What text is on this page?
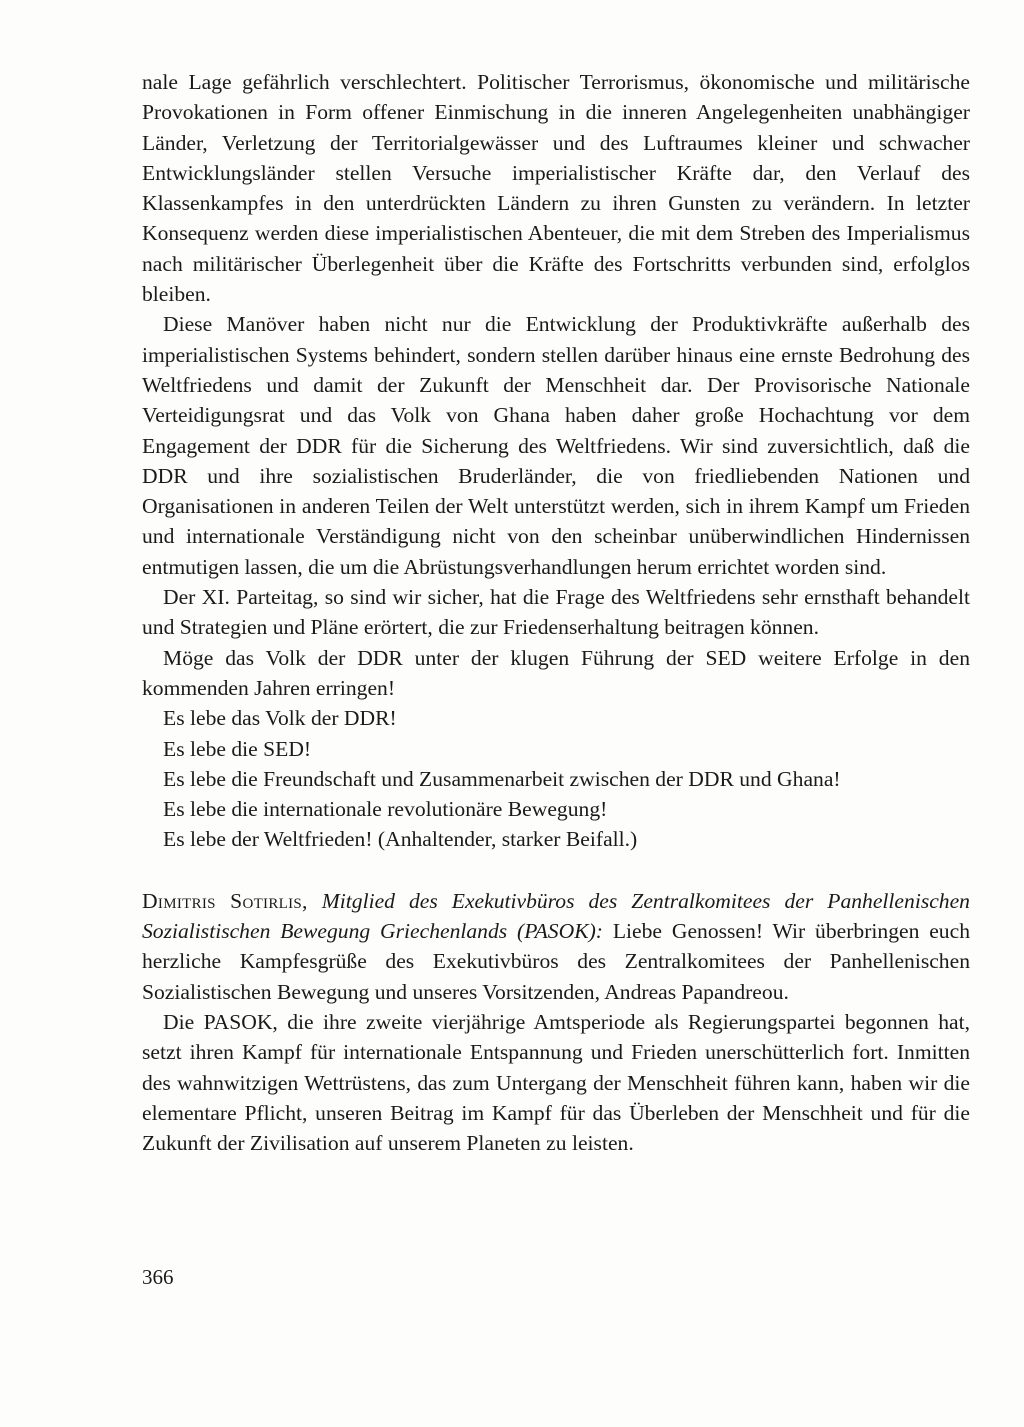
nale Lage gefährlich verschlechtert. Politischer Terrorismus, ökonomische und militärische Provokationen in Form offener Einmischung in die inneren Angelegenheiten unabhängiger Länder, Verletzung der Territorialgewässer und des Luftraumes kleiner und schwacher Entwicklungsländer stellen Versuche imperialistischer Kräfte dar, den Verlauf des Klassenkampfes in den unterdrückten Ländern zu ihren Gunsten zu verändern. In letzter Konsequenz werden diese imperialistischen Abenteuer, die mit dem Streben des Imperialismus nach militärischer Überlegenheit über die Kräfte des Fortschritts verbunden sind, erfolglos bleiben.

Diese Manöver haben nicht nur die Entwicklung der Produktivkräfte außerhalb des imperialistischen Systems behindert, sondern stellen darüber hinaus eine ernste Bedrohung des Weltfriedens und damit der Zukunft der Menschheit dar. Der Provisorische Nationale Verteidigungsrat und das Volk von Ghana haben daher große Hochachtung vor dem Engagement der DDR für die Sicherung des Weltfriedens. Wir sind zuversichtlich, daß die DDR und ihre sozialistischen Bruderländer, die von friedliebenden Nationen und Organisationen in anderen Teilen der Welt unterstützt werden, sich in ihrem Kampf um Frieden und internationale Verständigung nicht von den scheinbar unüberwindlichen Hindernissen entmutigen lassen, die um die Abrüstungsverhandlungen herum errichtet worden sind.

Der XI. Parteitag, so sind wir sicher, hat die Frage des Weltfriedens sehr ernsthaft behandelt und Strategien und Pläne erörtert, die zur Friedenserhaltung beitragen können.

Möge das Volk der DDR unter der klugen Führung der SED weitere Erfolge in den kommenden Jahren erringen!

Es lebe das Volk der DDR!

Es lebe die SED!

Es lebe die Freundschaft und Zusammenarbeit zwischen der DDR und Ghana!

Es lebe die internationale revolutionäre Bewegung!

Es lebe der Weltfrieden! (Anhaltender, starker Beifall.)

Dimitris Sotirlis, Mitglied des Exekutivbüros des Zentralkomitees der Panhellenischen Sozialistischen Bewegung Griechenlands (PASOK): Liebe Genossen! Wir überbringen euch herzliche Kampfesgrüße des Exekutivbüros des Zentralkomitees der Panhellenischen Sozialistischen Bewegung und unseres Vorsitzenden, Andreas Papandreou.

Die PASOK, die ihre zweite vierjährige Amtsperiode als Regierungspartei begonnen hat, setzt ihren Kampf für internationale Entspannung und Frieden unerschütterlich fort. Inmitten des wahnwitzigen Wettrüstens, das zum Untergang der Menschheit führen kann, haben wir die elementare Pflicht, unseren Beitrag im Kampf für das Überleben der Menschheit und für die Zukunft der Zivilisation auf unserem Planeten zu leisten.

366
